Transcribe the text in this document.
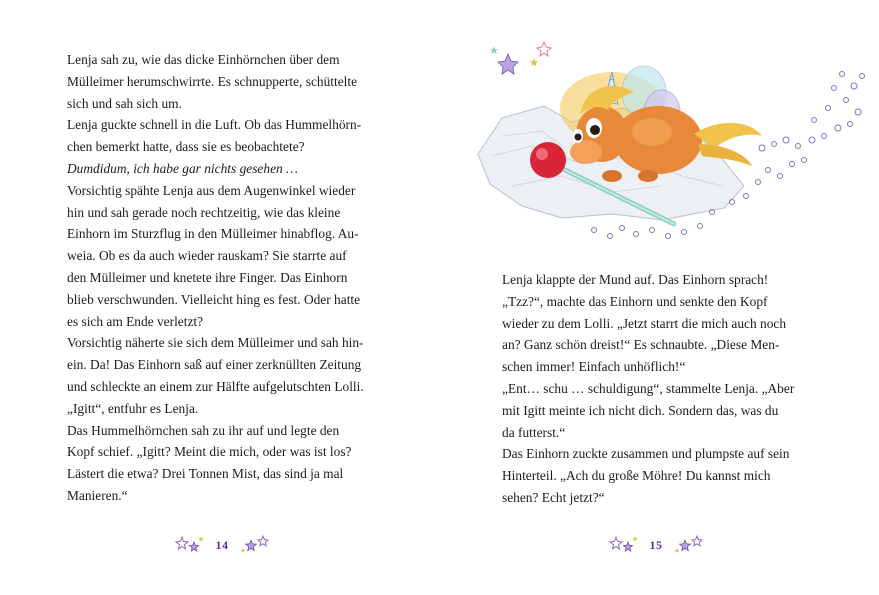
Lenja sah zu, wie das dicke Einhörnchen über dem

Mülleimer herumschwirrte. Es schnupperte, schüttelte

sich und sah sich um.

Lenja guckte schnell in die Luft. Ob das Hummelhörn-

chen bemerkt hatte, dass sie es beobachtete?

Dumdidum, ich habe gar nichts gesehen …

Vorsichtig spähte Lenja aus dem Augenwinkel wieder

hin und sah gerade noch rechtzeitig, wie das kleine

Einhorn im Sturzflug in den Mülleimer hinabflog. Au-

weia. Ob es da auch wieder rauskam? Sie starrte auf

den Mülleimer und knetete ihre Finger. Das Einhorn

blieb verschwunden. Vielleicht hing es fest. Oder hatte

es sich am Ende verletzt?

Vorsichtig näherte sie sich dem Mülleimer und sah hin-

ein. Da! Das Einhorn saß auf einer zerknüllten Zeitung

und schleckte an einem zur Hälfte aufgelutschten Lolli.

„Igitt“, entfuhr es Lenja.

Das Hummelhörnchen sah zu ihr auf und legte den

Kopf schief. „Igitt? Meint die mich, oder was ist los?

Lästert die etwa? Drei Tonnen Mist, das sind ja mal

Manieren.“

14

Lenja klappte der Mund auf. Das Einhorn sprach!

„Tzz?“, machte das Einhorn und senkte den Kopf

wieder zu dem Lolli. „Jetzt starrt die mich auch noch

an? Ganz schön dreist!“ Es schnaubte. „Diese Men-

schen immer! Einfach unhöflich!“

„Ent… schu … schuldigung“, stammelte Lenja. „Aber

mit Igitt meinte ich nicht dich. Sondern das, was du

da futterst.“

Das Einhorn zuckte zusammen und plumpste auf sein

Hinterteil. „Ach du große Möhre! Du kannst mich

sehen? Echt jetzt?“

15
